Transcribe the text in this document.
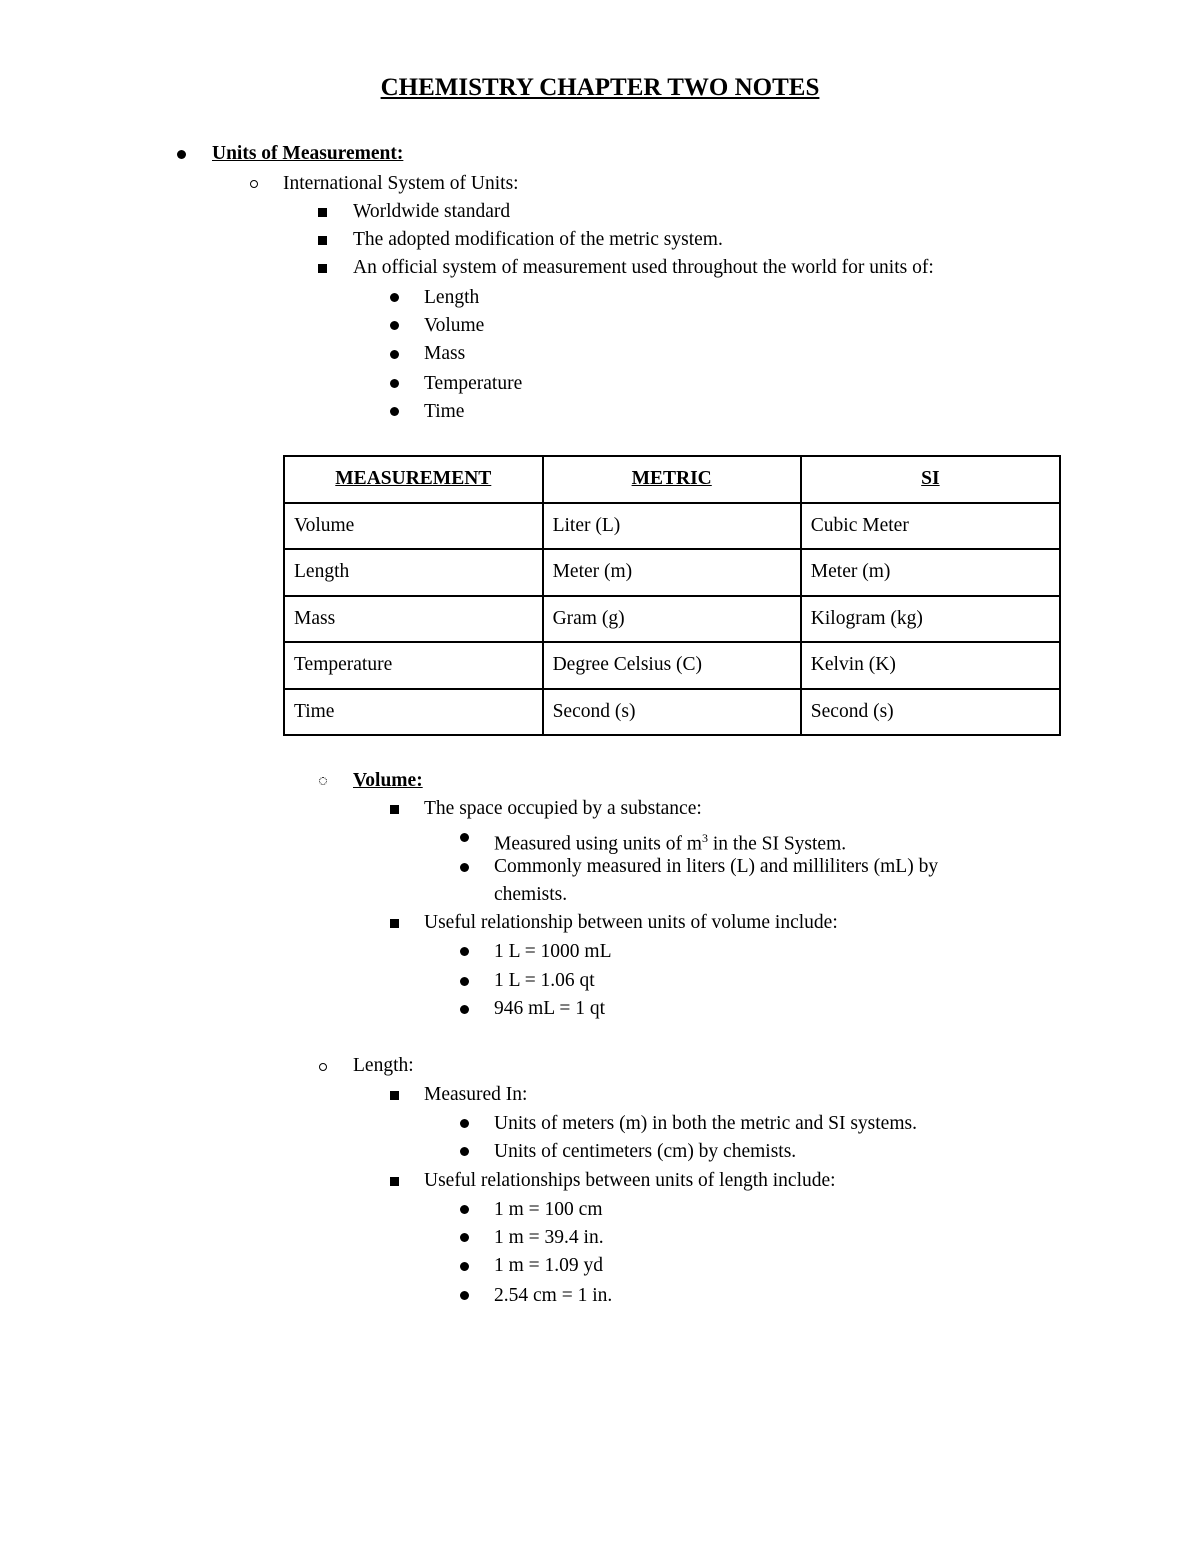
CHEMISTRY CHAPTER TWO NOTES
Units of Measurement:
International System of Units:
Worldwide standard
The adopted modification of the metric system.
An official system of measurement used throughout the world for units of:
Length
Volume
Mass
Temperature
Time
MEASUREMENT	METRIC	SI
Volume	Liter (L)	Cubic Meter
Length	Meter (m)	Meter (m)
Mass	Gram (g)	Kilogram (kg)
Temperature	Degree Celsius (C)	Kelvin (K)
Time	Second (s)	Second (s)
Volume:
The space occupied by a substance:
Measured using units of $m^3$ in the SI System.
Commonly measured in liters (L) and milliliters (mL) by
chemists.
Useful relationship between units of volume include:
1 L = 1000 mL
1 L = 1.06 qt
946 mL = 1 qt
Length:
Measured In:
Units of meters (m) in both the metric and SI systems.
Units of centimeters (cm) by chemists.
Useful relationships between units of length include:
1 m = 100 cm
1 m = 39.4 in.
1 m = 1.09 yd
2.54 cm = 1 in.
